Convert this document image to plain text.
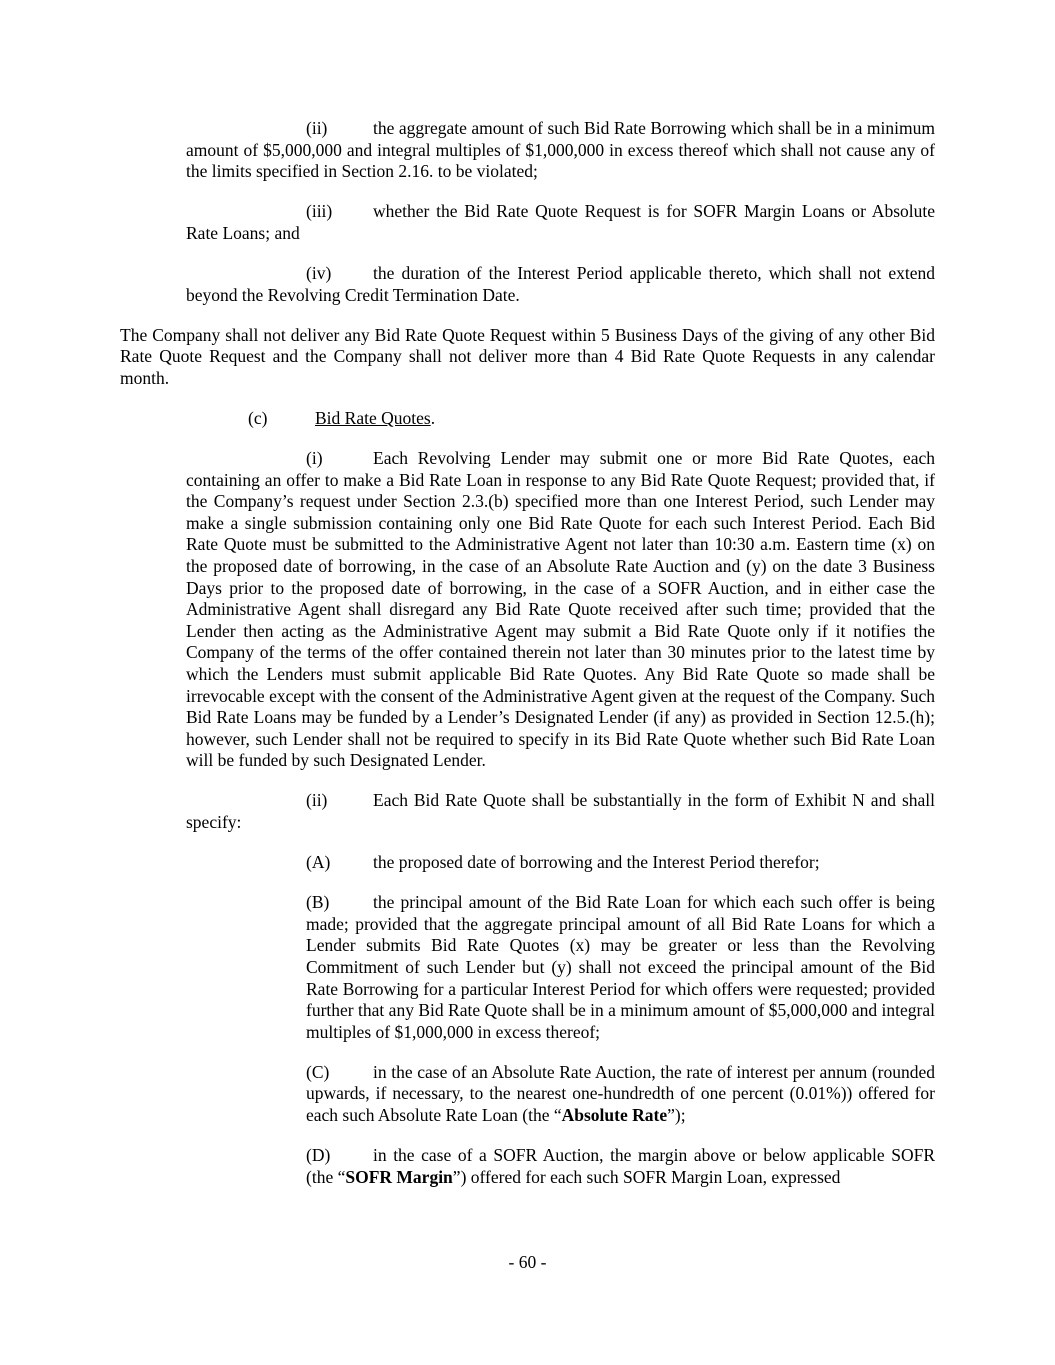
(ii)	the aggregate amount of such Bid Rate Borrowing which shall be in a minimum amount of $5,000,000 and integral multiples of $1,000,000 in excess thereof which shall not cause any of the limits specified in Section 2.16. to be violated;

(iii) whether the Bid Rate Quote Request is for SOFR Margin Loans or Absolute Rate Loans; and

(iv) the duration of the Interest Period applicable thereto, which shall not extend beyond the Revolving Credit Termination Date.

The Company shall not deliver any Bid Rate Quote Request within 5 Business Days of the giving of any other Bid Rate Quote Request and the Company shall not deliver more than 4 Bid Rate Quote Requests in any calendar month.

(c)	Bid Rate Quotes.

(i)	Each Revolving Lender may submit one or more Bid Rate Quotes, each containing an offer to make a Bid Rate Loan in response to any Bid Rate Quote Request; provided that, if the Company’s request under Section 2.3.(b) specified more than one Interest Period, such Lender may make a single submission containing only one Bid Rate Quote for each such Interest Period. Each Bid Rate Quote must be submitted to the Administrative Agent not later than 10:30 a.m. Eastern time (x) on the proposed date of borrowing, in the case of an Absolute Rate Auction and (y) on the date 3 Business Days prior to the proposed date of borrowing, in the case of a SOFR Auction, and in either case the Administrative Agent shall disregard any Bid Rate Quote received after such time; provided that the Lender then acting as the Administrative Agent may submit a Bid Rate Quote only if it notifies the Company of the terms of the offer contained therein not later than 30 minutes prior to the latest time by which the Lenders must submit applicable Bid Rate Quotes. Any Bid Rate Quote so made shall be irrevocable except with the consent of the Administrative Agent given at the request of the Company. Such Bid Rate Loans may be funded by a Lender’s Designated Lender (if any) as provided in Section 12.5.(h); however, such Lender shall not be required to specify in its Bid Rate Quote whether such Bid Rate Loan will be funded by such Designated Lender.

(ii)	Each Bid Rate Quote shall be substantially in the form of Exhibit N and shall specify:

(A) the proposed date of borrowing and the Interest Period therefor;

(B) the principal amount of the Bid Rate Loan for which each such offer is being made; provided that the aggregate principal amount of all Bid Rate Loans for which a Lender submits Bid Rate Quotes (x) may be greater or less than the Revolving Commitment of such Lender but (y) shall not exceed the principal amount of the Bid Rate Borrowing for a particular Interest Period for which offers were requested; provided further that any Bid Rate Quote shall be in a minimum amount of $5,000,000 and integral multiples of $1,000,000 in excess thereof;

(C) in the case of an Absolute Rate Auction, the rate of interest per annum (rounded upwards, if necessary, to the nearest one-hundredth of one percent (0.01%)) offered for each such Absolute Rate Loan (the “Absolute Rate”);

(D) in the case of a SOFR Auction, the margin above or below applicable SOFR (the “SOFR Margin”) offered for each such SOFR Margin Loan, expressed

- 60 -
